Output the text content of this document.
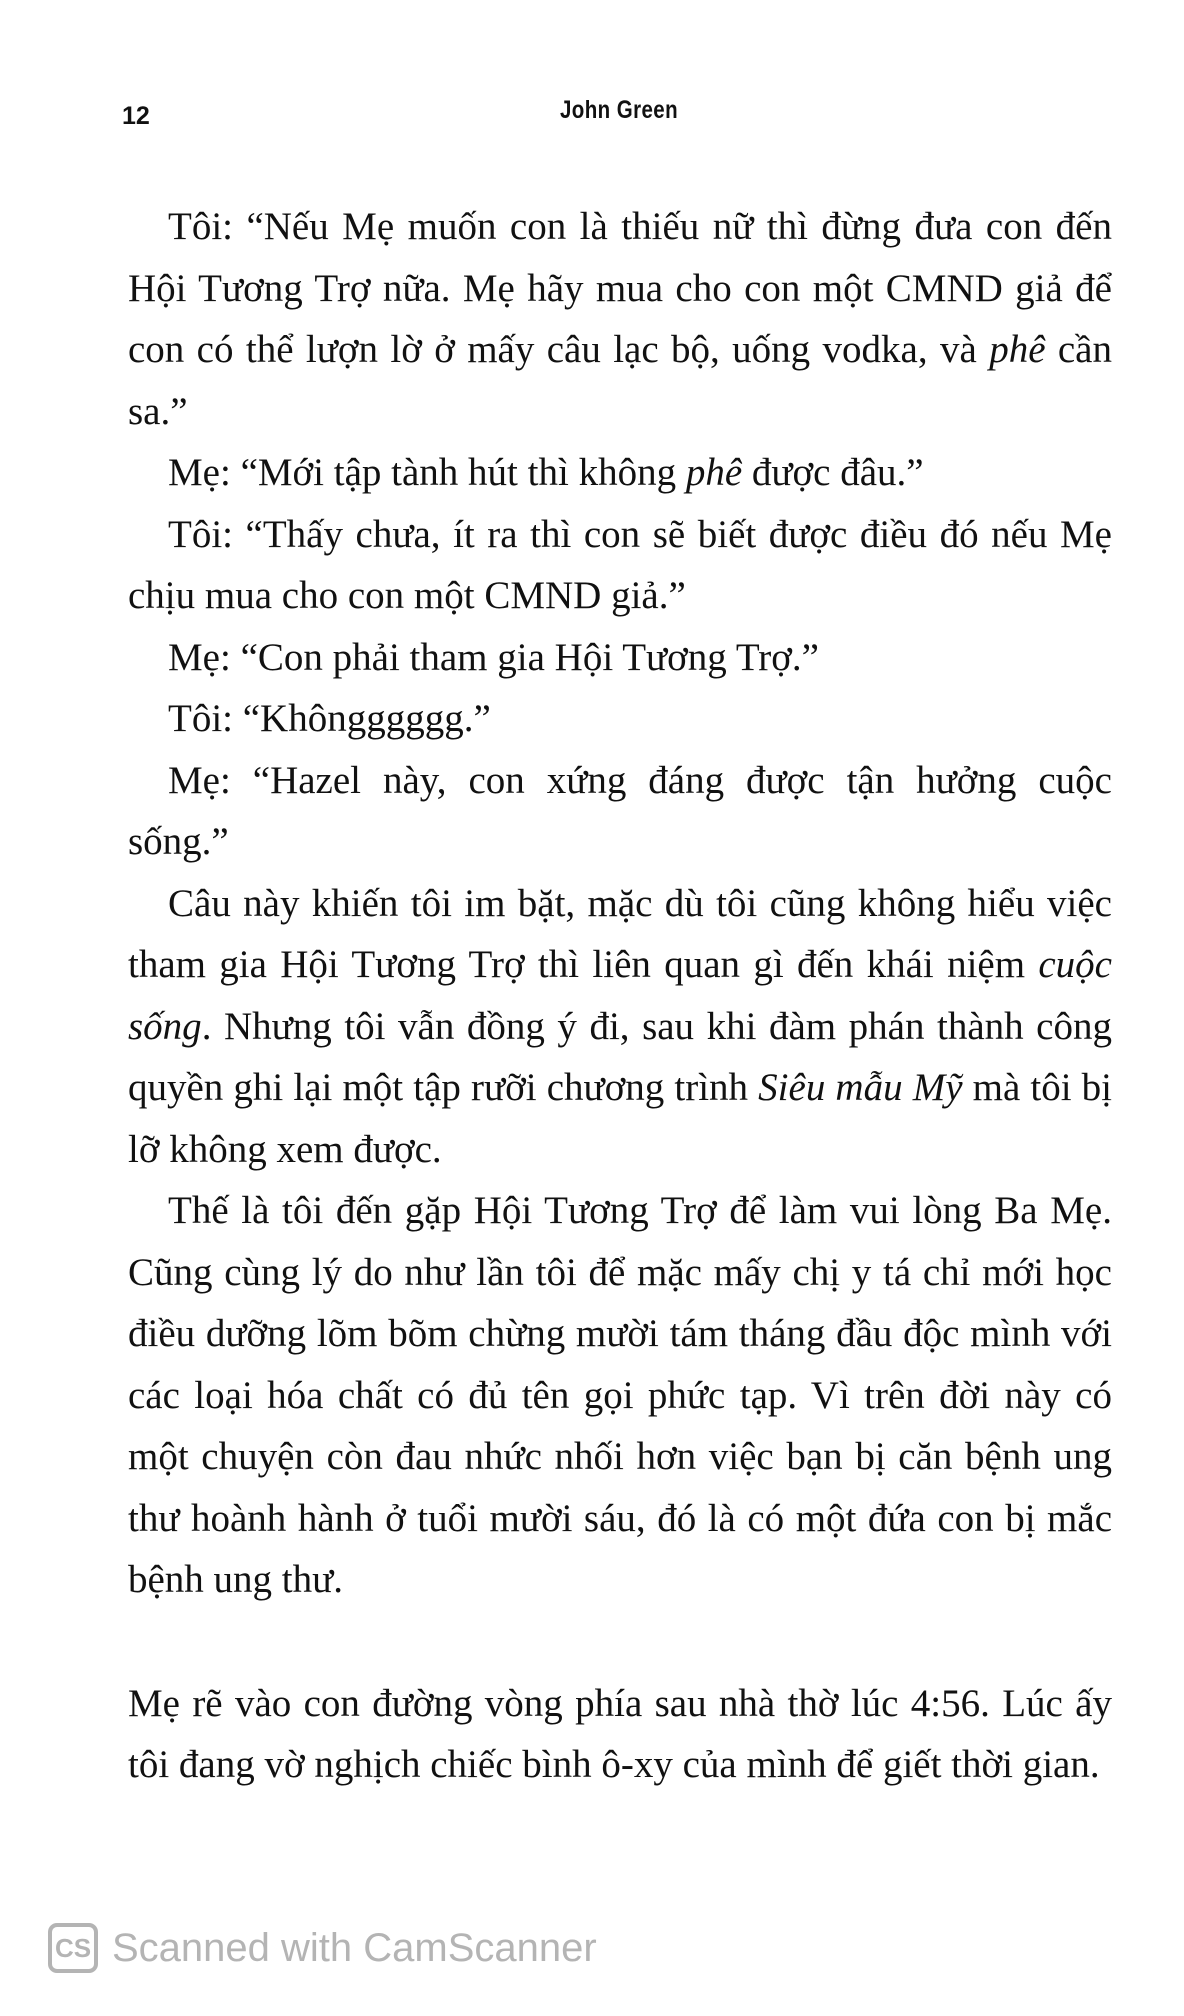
12	John Green

Tôi: “Nếu Mẹ muốn con là thiếu nữ thì đừng đưa con đến Hội Tương Trợ nữa. Mẹ hãy mua cho con một CMND giả để con có thể lượn lờ ở mấy câu lạc bộ, uống vodka, và phê cần sa.”

Mẹ: “Mới tập tành hút thì không phê được đâu.”

Tôi: “Thấy chưa, ít ra thì con sẽ biết được điều đó nếu Mẹ chịu mua cho con một CMND giả.”

Mẹ: “Con phải tham gia Hội Tương Trợ.”

Tôi: “Khôngggggg.”

Mẹ: “Hazel này, con xứng đáng được tận hưởng cuộc sống.”

Câu này khiến tôi im bặt, mặc dù tôi cũng không hiểu việc tham gia Hội Tương Trợ thì liên quan gì đến khái niệm cuộc sống. Nhưng tôi vẫn đồng ý đi, sau khi đàm phán thành công quyền ghi lại một tập rưỡi chương trình Siêu mẫu Mỹ mà tôi bị lỡ không xem được.

Thế là tôi đến gặp Hội Tương Trợ để làm vui lòng Ba Mẹ. Cũng cùng lý do như lần tôi để mặc mấy chị y tá chỉ mới học điều dưỡng lõm bõm chừng mười tám tháng đầu độc mình với các loại hóa chất có đủ tên gọi phức tạp. Vì trên đời này có một chuyện còn đau nhức nhối hơn việc bạn bị căn bệnh ung thư hoành hành ở tuổi mười sáu, đó là có một đứa con bị mắc bệnh ung thư.

Mẹ rẽ vào con đường vòng phía sau nhà thờ lúc 4:56. Lúc ấy tôi đang vờ nghịch chiếc bình ô-xy của mình để giết thời gian.

CS Scanned with CamScanner
